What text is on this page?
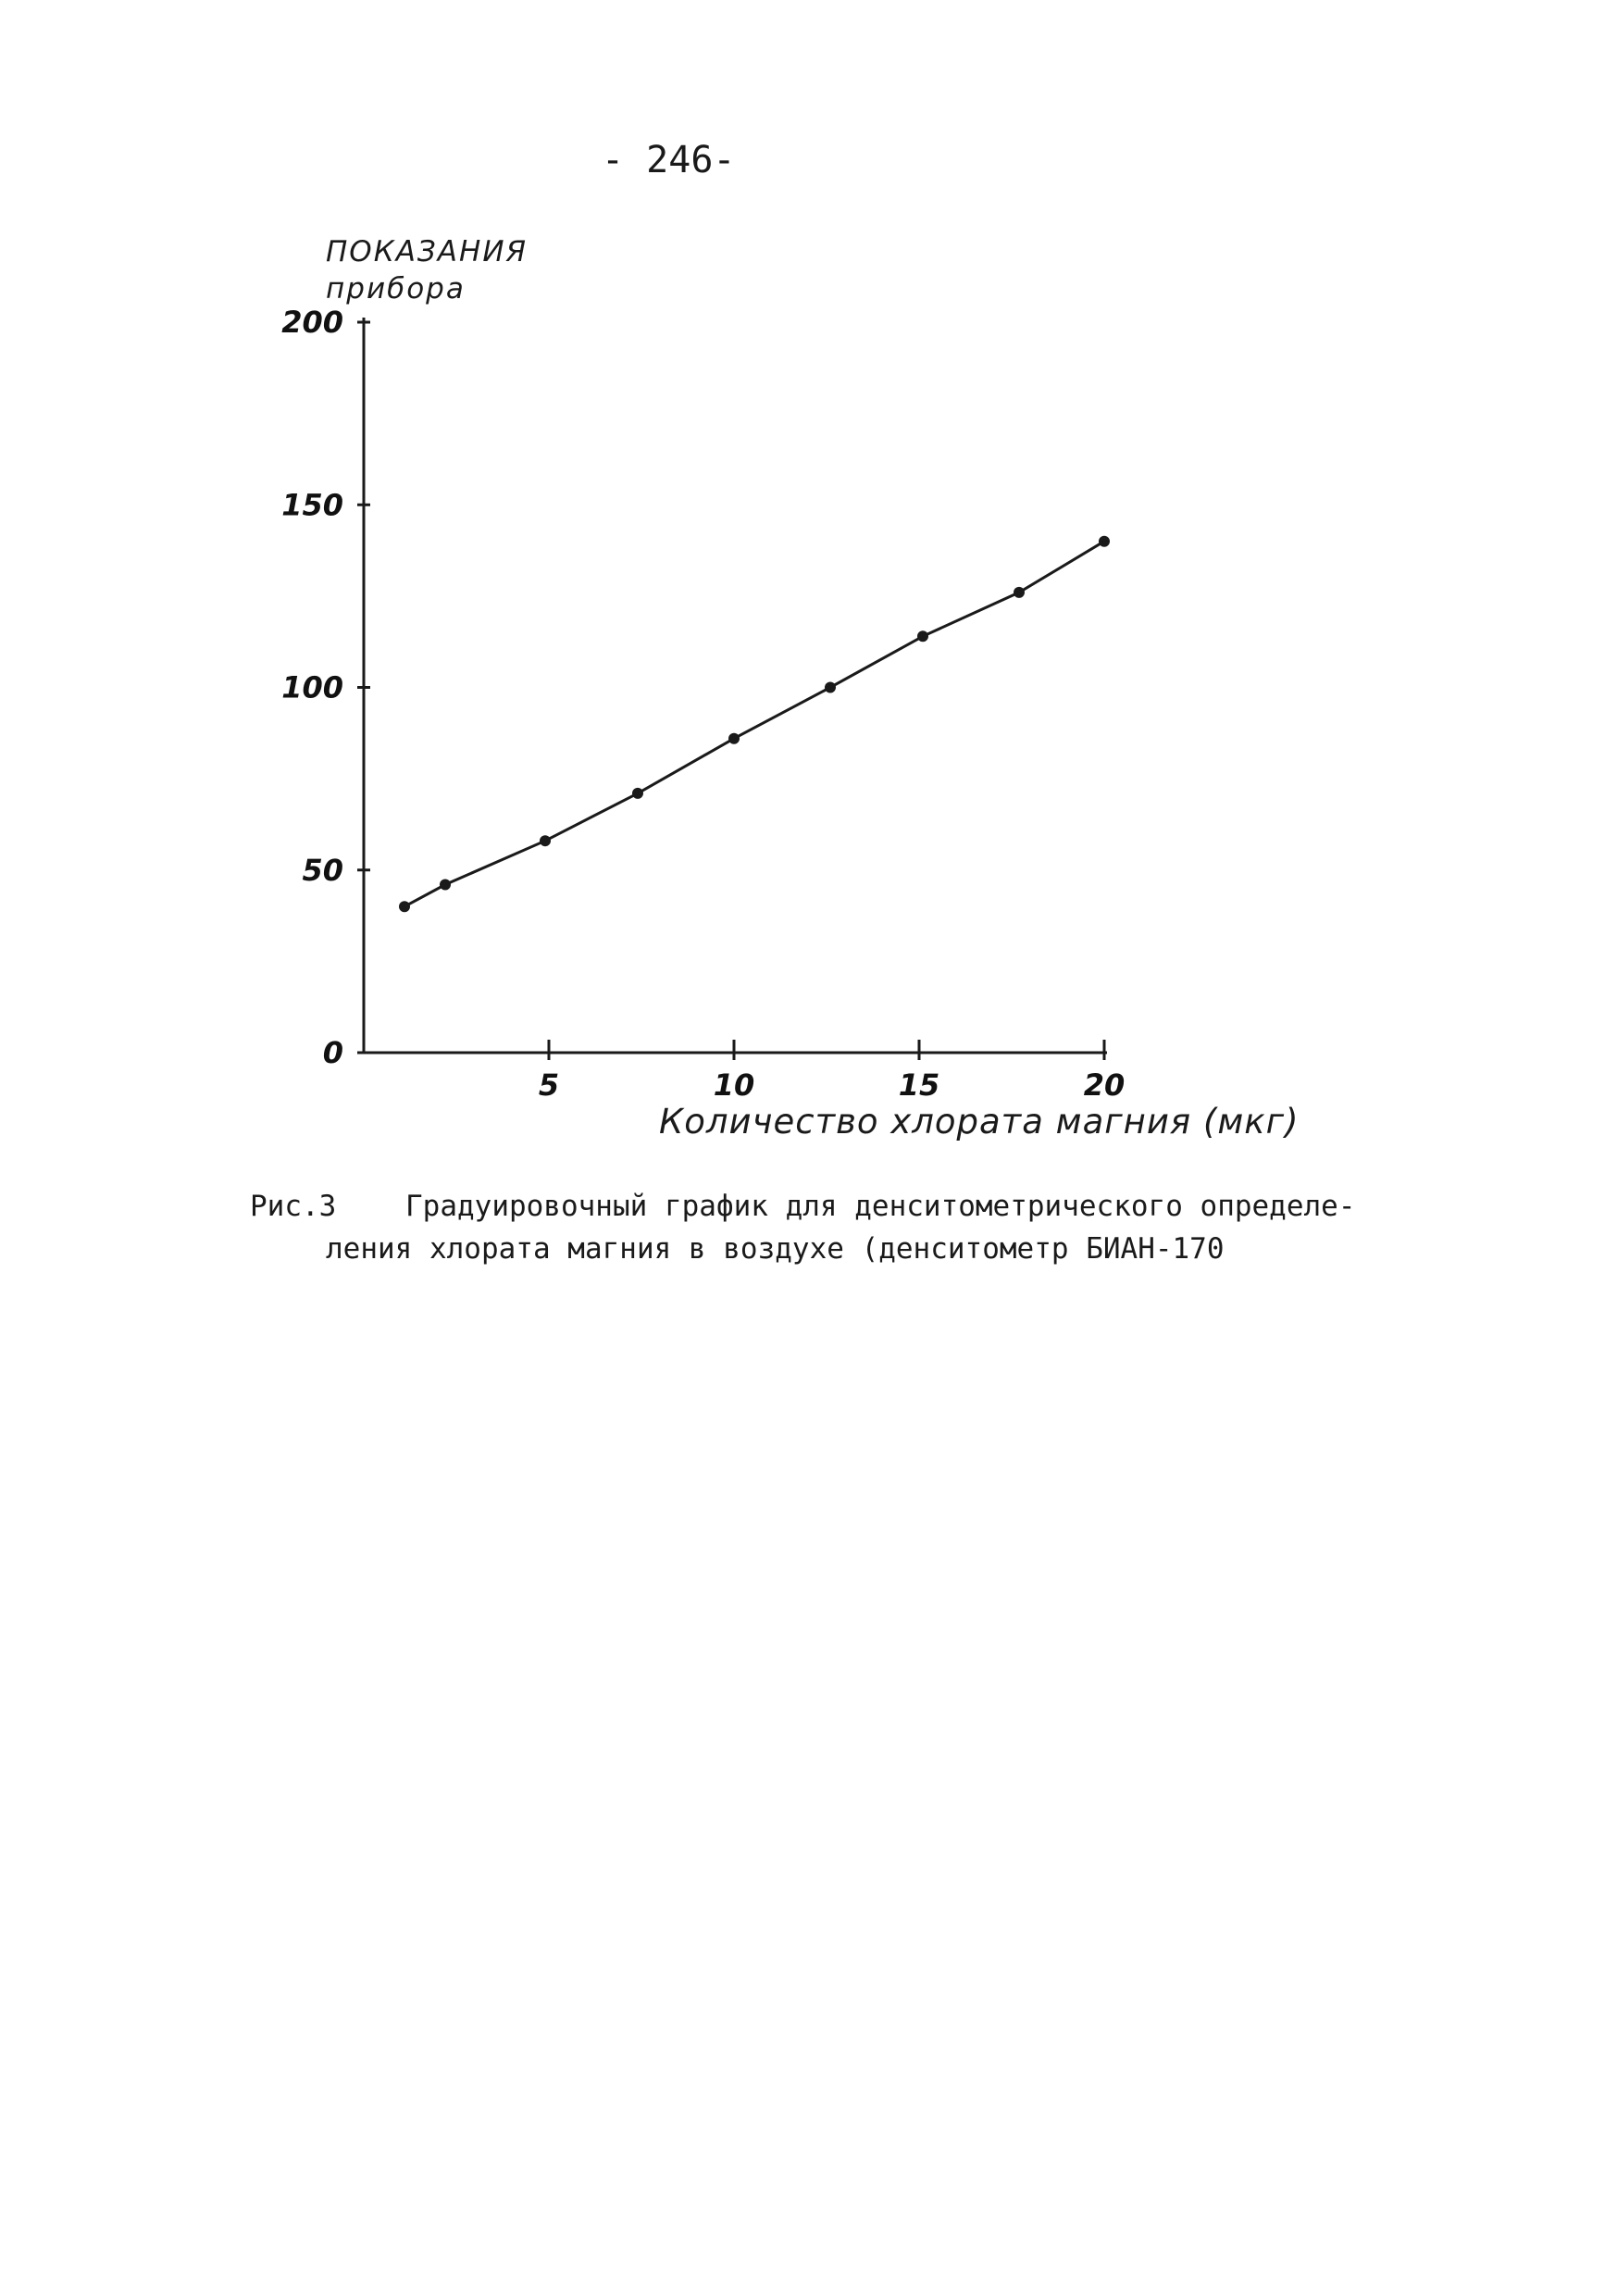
- 246-
ПОКАЗАНИЯ
прибора
5	10	15	20
0
50
100
150
200
Количество хлората магния (мкг)
Рис.3 Градуировочный график для денситометрического определе-
ления хлората магния в воздухе (денситометр БИАН-170
